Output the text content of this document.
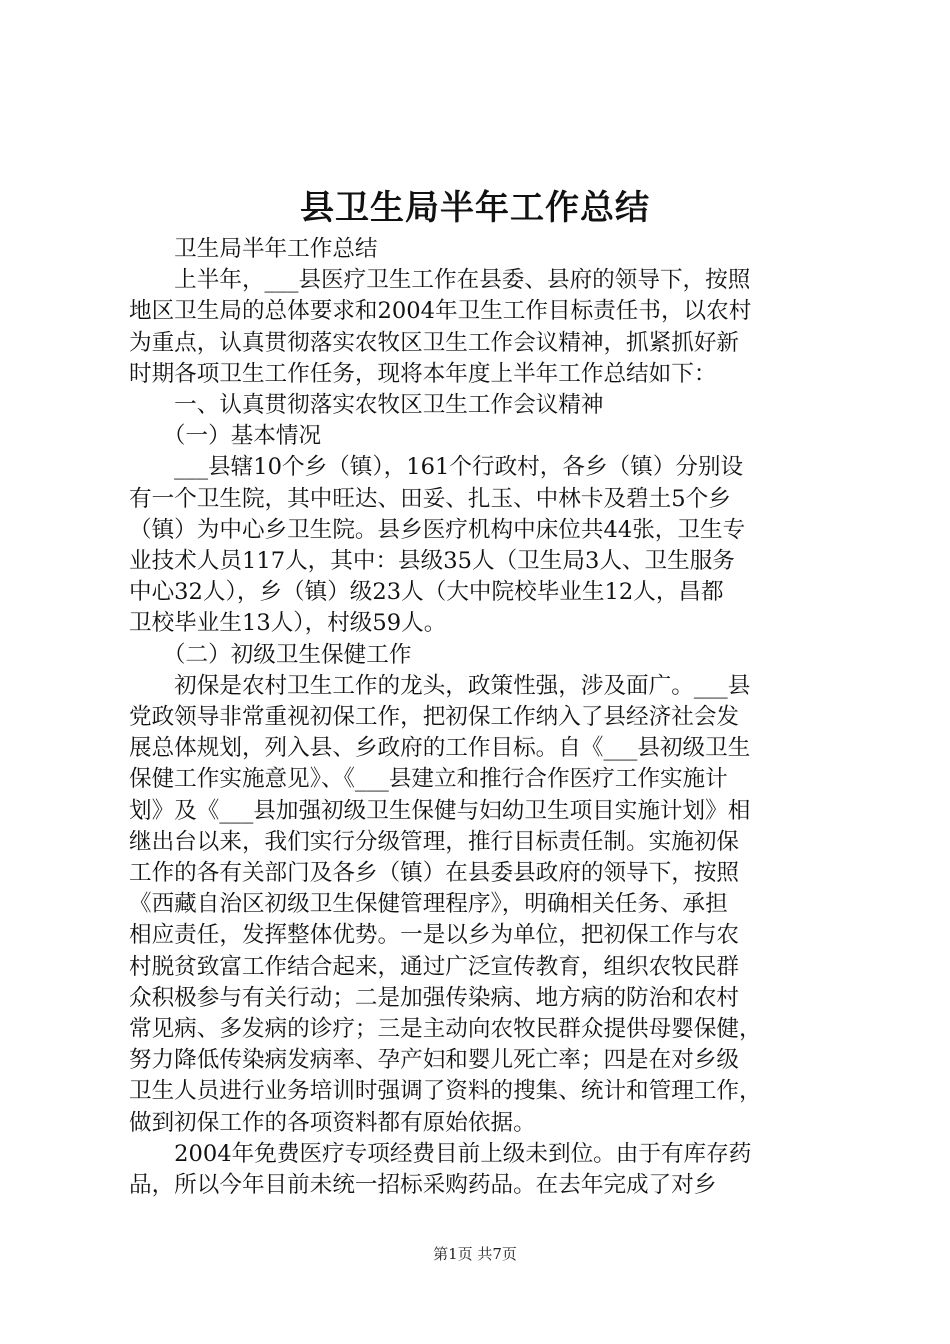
县卫生局半年工作总结
　　卫生局半年工作总结
　　上半年，___县医疗卫生工作在县委、县府的领导下，按照
地区卫生局的总体要求和2004年卫生工作目标责任书，以农村
为重点，认真贯彻落实农牧区卫生工作会议精神，抓紧抓好新
时期各项卫生工作任务，现将本年度上半年工作总结如下：
　　一、认真贯彻落实农牧区卫生工作会议精神
　　（一）基本情况
　　___县辖10个乡（镇），161个行政村，各乡（镇）分别设
有一个卫生院，其中旺达、田妥、扎玉、中林卡及碧土5个乡
（镇）为中心乡卫生院。县乡医疗机构中床位共44张，卫生专
业技术人员117人，其中：县级35人（卫生局3人、卫生服务
中心32人），乡（镇）级23人（大中院校毕业生12人，昌都
卫校毕业生13人），村级59人。
　　（二）初级卫生保健工作
　　初保是农村卫生工作的龙头，政策性强，涉及面广。___县
党政领导非常重视初保工作，把初保工作纳入了县经济社会发
展总体规划，列入县、乡政府的工作目标。自《___县初级卫生
保健工作实施意见》、《___县建立和推行合作医疗工作实施计
划》及《___县加强初级卫生保健与妇幼卫生项目实施计划》相
继出台以来，我们实行分级管理，推行目标责任制。实施初保
工作的各有关部门及各乡（镇）在县委县政府的领导下，按照
《西藏自治区初级卫生保健管理程序》，明确相关任务、承担
相应责任，发挥整体优势。一是以乡为单位，把初保工作与农
村脱贫致富工作结合起来，通过广泛宣传教育，组织农牧民群
众积极参与有关行动；二是加强传染病、地方病的防治和农村
常见病、多发病的诊疗；三是主动向农牧民群众提供母婴保健，
努力降低传染病发病率、孕产妇和婴儿死亡率；四是在对乡级
卫生人员进行业务培训时强调了资料的搜集、统计和管理工作，
做到初保工作的各项资料都有原始依据。
　　2004年免费医疗专项经费目前上级未到位。由于有库存药
品，所以今年目前未统一招标采购药品。在去年完成了对乡
第1页 共7页
